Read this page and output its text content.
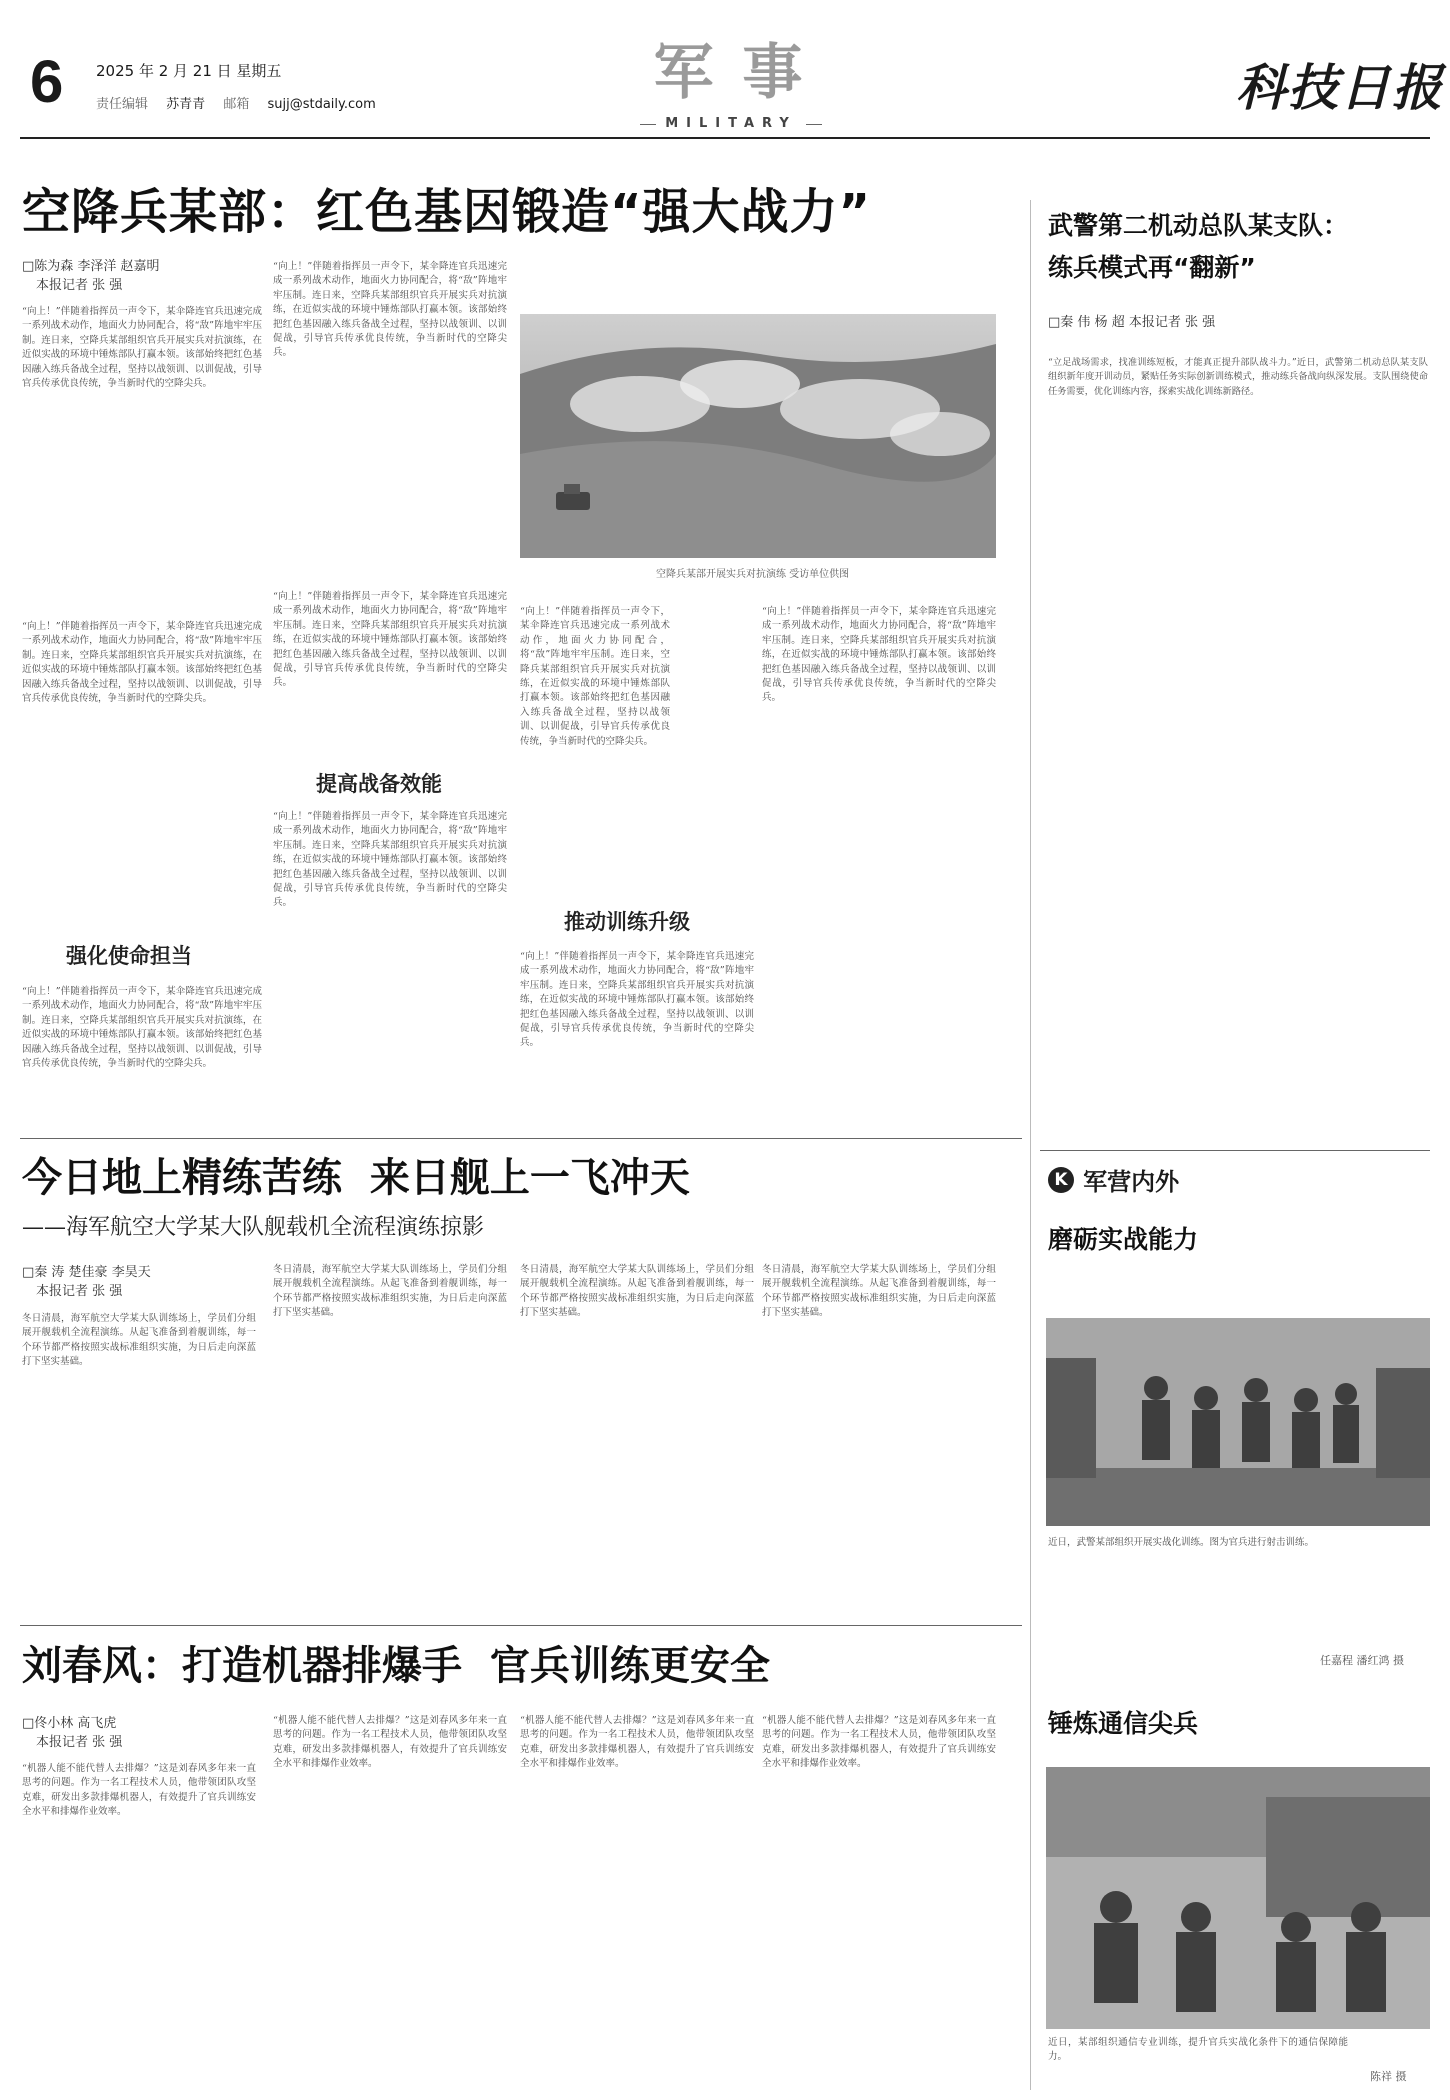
6 2025 年 2 月 21 日 星期五
责任编辑 苏青青 邮箱 sujj@stdaily.com	军 事
MILITARY
科技日报
空降兵某部：红色基因锻造“强大战力”
□陈为森 李泽洋 赵嘉明
本报记者 张 强
“向上！”伴随着指挥员一声令下，某伞降连官兵迅速完成一系列战术动作，地面火力协同配合，将“敌”阵地牢牢压制。连日来，空降兵某部组织官兵开展实兵对抗演练，在近似实战的环境中锤炼部队打赢本领。该部始终把红色基因融入练兵备战全过程，坚持以战领训、以训促战，引导官兵传承优良传统，争当新时代的空降尖兵。
“向上！”伴随着指挥员一声令下，某伞降连官兵迅速完成一系列战术动作，地面火力协同配合，将“敌”阵地牢牢压制。连日来，空降兵某部组织官兵开展实兵对抗演练，在近似实战的环境中锤炼部队打赢本领。该部始终把红色基因融入练兵备战全过程，坚持以战领训、以训促战，引导官兵传承优良传统，争当新时代的空降尖兵。
强化使命担当
“向上！”伴随着指挥员一声令下，某伞降连官兵迅速完成一系列战术动作，地面火力协同配合，将“敌”阵地牢牢压制。连日来，空降兵某部组织官兵开展实兵对抗演练，在近似实战的环境中锤炼部队打赢本领。该部始终把红色基因融入练兵备战全过程，坚持以战领训、以训促战，引导官兵传承优良传统，争当新时代的空降尖兵。
“向上！”伴随着指挥员一声令下，某伞降连官兵迅速完成一系列战术动作，地面火力协同配合，将“敌”阵地牢牢压制。连日来，空降兵某部组织官兵开展实兵对抗演练，在近似实战的环境中锤炼部队打赢本领。该部始终把红色基因融入练兵备战全过程，坚持以战领训、以训促战，引导官兵传承优良传统，争当新时代的空降尖兵。
空降兵某部开展实兵对抗演练 受访单位供图
“向上！”伴随着指挥员一声令下，某伞降连官兵迅速完成一系列战术动作，地面火力协同配合，将“敌”阵地牢牢压制。连日来，空降兵某部组织官兵开展实兵对抗演练，在近似实战的环境中锤炼部队打赢本领。该部始终把红色基因融入练兵备战全过程，坚持以战领训、以训促战，引导官兵传承优良传统，争当新时代的空降尖兵。
提高战备效能
“向上！”伴随着指挥员一声令下，某伞降连官兵迅速完成一系列战术动作，地面火力协同配合，将“敌”阵地牢牢压制。连日来，空降兵某部组织官兵开展实兵对抗演练，在近似实战的环境中锤炼部队打赢本领。该部始终把红色基因融入练兵备战全过程，坚持以战领训、以训促战，引导官兵传承优良传统，争当新时代的空降尖兵。
“向上！”伴随着指挥员一声令下，某伞降连官兵迅速完成一系列战术动作，地面火力协同配合，将“敌”阵地牢牢压制。连日来，空降兵某部组织官兵开展实兵对抗演练，在近似实战的环境中锤炼部队打赢本领。该部始终把红色基因融入练兵备战全过程，坚持以战领训、以训促战，引导官兵传承优良传统，争当新时代的空降尖兵。
推动训练升级
“向上！”伴随着指挥员一声令下，某伞降连官兵迅速完成一系列战术动作，地面火力协同配合，将“敌”阵地牢牢压制。连日来，空降兵某部组织官兵开展实兵对抗演练，在近似实战的环境中锤炼部队打赢本领。该部始终把红色基因融入练兵备战全过程，坚持以战领训、以训促战，引导官兵传承优良传统，争当新时代的空降尖兵。
“向上！”伴随着指挥员一声令下，某伞降连官兵迅速完成一系列战术动作，地面火力协同配合，将“敌”阵地牢牢压制。连日来，空降兵某部组织官兵开展实兵对抗演练，在近似实战的环境中锤炼部队打赢本领。该部始终把红色基因融入练兵备战全过程，坚持以战领训、以训促战，引导官兵传承优良传统，争当新时代的空降尖兵。
武警第二机动总队某支队：
练兵模式再“翻新”
□秦 伟 杨 超 本报记者 张 强
“立足战场需求，找准训练短板，才能真正提升部队战斗力。”近日，武警第二机动总队某支队组织新年度开训动员，紧贴任务实际创新训练模式，推动练兵备战向纵深发展。支队围绕使命任务需要，优化训练内容，探索实战化训练新路径。
今日地上精练苦练  来日舰上一飞冲天
——海军航空大学某大队舰载机全流程演练掠影
□秦 涛 楚佳豪 李昊天
本报记者 张 强
冬日清晨，海军航空大学某大队训练场上，学员们分组展开舰载机全流程演练。从起飞准备到着舰训练，每一个环节都严格按照实战标准组织实施，为日后走向深蓝打下坚实基础。
冬日清晨，海军航空大学某大队训练场上，学员们分组展开舰载机全流程演练。从起飞准备到着舰训练，每一个环节都严格按照实战标准组织实施，为日后走向深蓝打下坚实基础。
冬日清晨，海军航空大学某大队训练场上，学员们分组展开舰载机全流程演练。从起飞准备到着舰训练，每一个环节都严格按照实战标准组织实施，为日后走向深蓝打下坚实基础。
冬日清晨，海军航空大学某大队训练场上，学员们分组展开舰载机全流程演练。从起飞准备到着舰训练，每一个环节都严格按照实战标准组织实施，为日后走向深蓝打下坚实基础。
刘春风：打造机器排爆手  官兵训练更安全
□佟小林 高飞虎
本报记者 张 强
“机器人能不能代替人去排爆？”这是刘春风多年来一直思考的问题。作为一名工程技术人员，他带领团队攻坚克难，研发出多款排爆机器人，有效提升了官兵训练安全水平和排爆作业效率。
“机器人能不能代替人去排爆？”这是刘春风多年来一直思考的问题。作为一名工程技术人员，他带领团队攻坚克难，研发出多款排爆机器人，有效提升了官兵训练安全水平和排爆作业效率。
“机器人能不能代替人去排爆？”这是刘春风多年来一直思考的问题。作为一名工程技术人员，他带领团队攻坚克难，研发出多款排爆机器人，有效提升了官兵训练安全水平和排爆作业效率。
“机器人能不能代替人去排爆？”这是刘春风多年来一直思考的问题。作为一名工程技术人员，他带领团队攻坚克难，研发出多款排爆机器人，有效提升了官兵训练安全水平和排爆作业效率。
K 军营内外
磨砺实战能力
近日，武警某部组织开展实战化训练。图为官兵进行射击训练。
任嘉程 潘红鸿 摄
锤炼通信尖兵
近日，某部组织通信专业训练，提升官兵实战化条件下的通信保障能力。
陈祥 摄
